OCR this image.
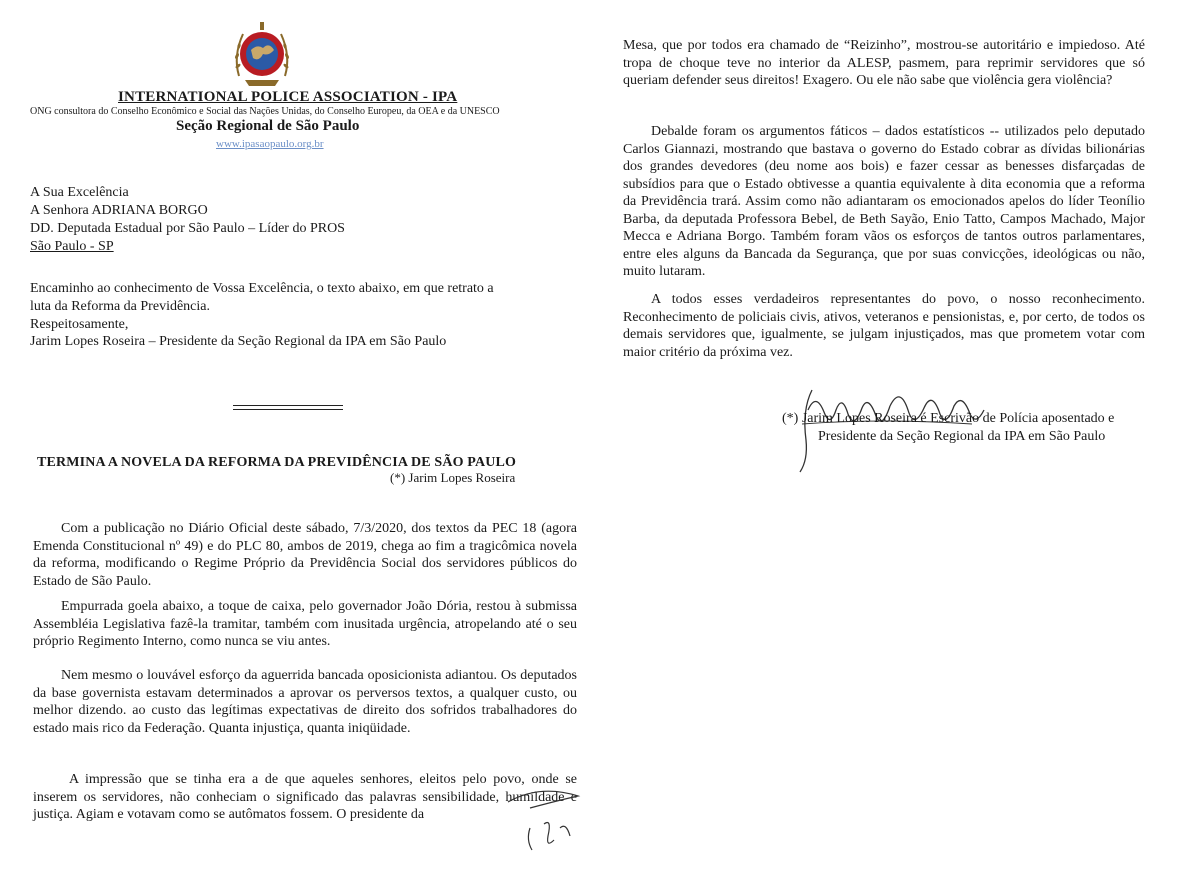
INTERNATIONAL POLICE ASSOCIATION - IPA
ONG consultora do Conselho Econômico e Social das Nações Unidas, do Conselho Europeu, da OEA e da UNESCO
Seção Regional de São Paulo
www.ipasaopaulo.org.br
A Sua Excelência
A Senhora ADRIANA BORGO
DD. Deputada Estadual por São Paulo – Líder do PROS
São Paulo - SP
Encaminho ao conhecimento de Vossa Excelência, o texto abaixo, em que retrato a
luta da Reforma da Previdência.
Respeitosamente,
Jarim Lopes Roseira – Presidente da Seção Regional da IPA em São Paulo
TERMINA A NOVELA DA REFORMA DA PREVIDÊNCIA DE SÃO PAULO
(*) Jarim Lopes Roseira
Com a publicação no Diário Oficial deste sábado, 7/3/2020, dos textos da PEC 18 (agora Emenda Constitucional nº 49) e do PLC 80, ambos de 2019, chega ao fim a tragicômica novela da reforma, modificando o Regime Próprio da Previdência Social dos servidores públicos do Estado de São Paulo.
Empurrada goela abaixo, a toque de caixa, pelo governador João Dória, restou à submissa Assembléia Legislativa fazê-la tramitar, também com inusitada urgência, atropelando até o seu próprio Regimento Interno, como nunca se viu antes.
Nem mesmo o louvável esforço da aguerrida bancada oposicionista adiantou. Os deputados da base governista estavam determinados a aprovar os perversos textos, a qualquer custo, ou melhor dizendo. ao custo das legítimas expectativas de direito dos sofridos trabalhadores do estado mais rico da Federação. Quanta injustiça, quanta iniqüidade.
A impressão que se tinha era a de que aqueles senhores, eleitos pelo povo, onde se inserem os servidores, não conheciam o significado das palavras sensibilidade, humildade e justiça. Agiam e votavam como se autômatos fossem. O presidente da
Mesa, que por todos era chamado de “Reizinho”, mostrou-se autoritário e impiedoso. Até tropa de choque teve no interior da ALESP, pasmem, para reprimir servidores que só queriam defender seus direitos! Exagero. Ou ele não sabe que violência gera violência?
Debalde foram os argumentos fáticos – dados estatísticos -- utilizados pelo deputado Carlos Giannazi, mostrando que bastava o governo do Estado cobrar as dívidas bilionárias dos grandes devedores (deu nome aos bois) e fazer cessar as benesses disfarçadas de subsídios para que o Estado obtivesse a quantia equivalente à dita economia que a reforma da Previdência trará. Assim como não adiantaram os emocionados apelos do líder Teonílio Barba, da deputada Professora Bebel, de Beth Sayão, Enio Tatto, Campos Machado, Major Mecca e Adriana Borgo. Também foram vãos os esforços de tantos outros parlamentares, entre eles alguns da Bancada da Segurança, que por suas convicções, ideológicas ou não, muito lutaram.
A todos esses verdadeiros representantes do povo, o nosso reconhecimento. Reconhecimento de policiais civis, ativos, veteranos e pensionistas, e, por certo, de todos os demais servidores que, igualmente, se julgam injustiçados, mas que prometem votar com maior critério da próxima vez.
(*) Jarim Lopes Roseira é Escrivão de Polícia aposentado e
Presidente da Seção Regional da IPA em São Paulo
